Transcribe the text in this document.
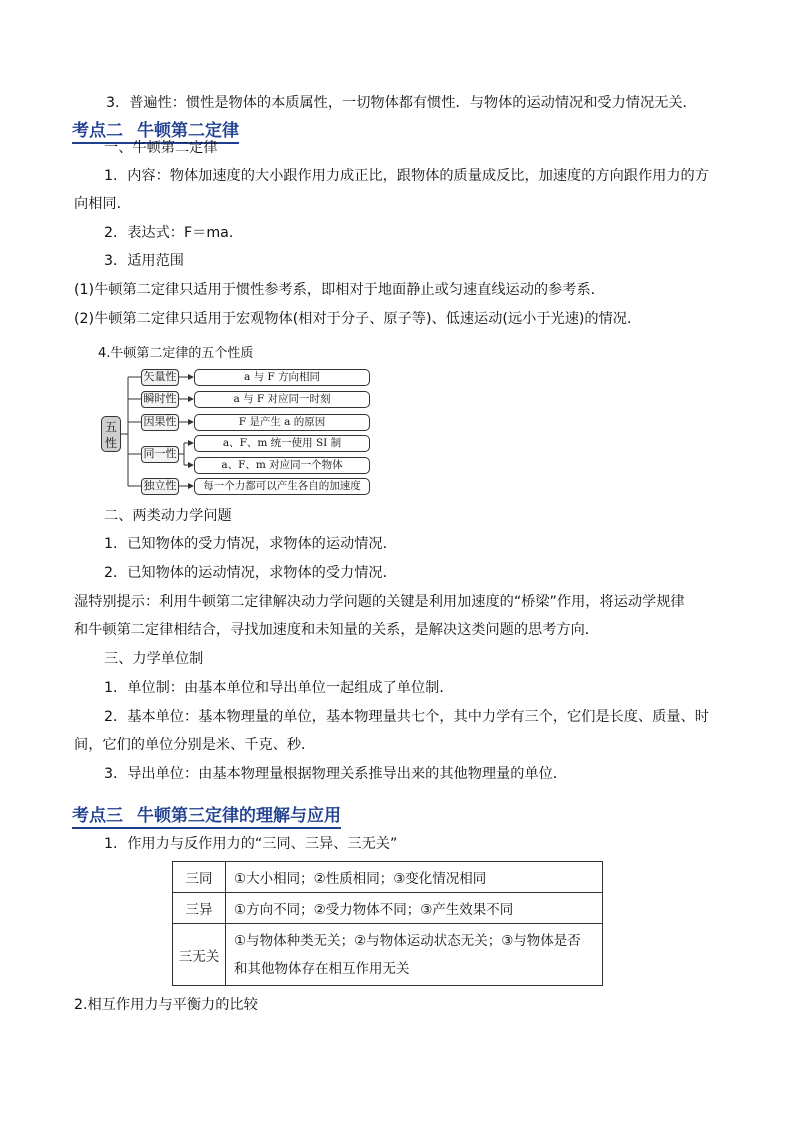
3．普遍性：惯性是物体的本质属性，一切物体都有惯性．与物体的运动情况和受力情况无关．
考点二 牛顿第二定律
一、牛顿第二定律
1．内容：物体加速度的大小跟作用力成正比，跟物体的质量成反比，加速度的方向跟作用力的方
向相同．
2．表达式：F＝ma.
3．适用范围
(1)牛顿第二定律只适用于惯性参考系，即相对于地面静止或匀速直线运动的参考系．
(2)牛顿第二定律只适用于宏观物体(相对于分子、原子等)、低速运动(远小于光速)的情况．
4.牛顿第二定律的五个性质
五性
矢量性
瞬时性
因果性
同一性
独立性
a 与 F 方向相同
a 与 F 对应同一时刻
F 是产生 a 的原因
a、F、m 统一使用 SI 制
a、F、m 对应同一个物体
每一个力都可以产生各自的加速度
二、两类动力学问题
1．已知物体的受力情况，求物体的运动情况．
2．已知物体的运动情况，求物体的受力情况．
湿特别提示：利用牛顿第二定律解决动力学问题的关键是利用加速度的“桥梁”作用，将运动学规律
和牛顿第二定律相结合，寻找加速度和未知量的关系，是解决这类问题的思考方向．
三、力学单位制
1．单位制：由基本单位和导出单位一起组成了单位制．
2．基本单位：基本物理量的单位，基本物理量共七个，其中力学有三个，它们是长度、质量、时
间，它们的单位分别是米、千克、秒．
3．导出单位：由基本物理量根据物理关系推导出来的其他物理量的单位．
考点三 牛顿第三定律的理解与应用
1．作用力与反作用力的“三同、三异、三无关”
三同	①大小相同；②性质相同；③变化情况相同
三异	①方向不同；②受力物体不同；③产生效果不同
三无关	①与物体种类无关；②与物体运动状态无关；③与物体是否和其他物体存在相互作用无关
2.相互作用力与平衡力的比较
